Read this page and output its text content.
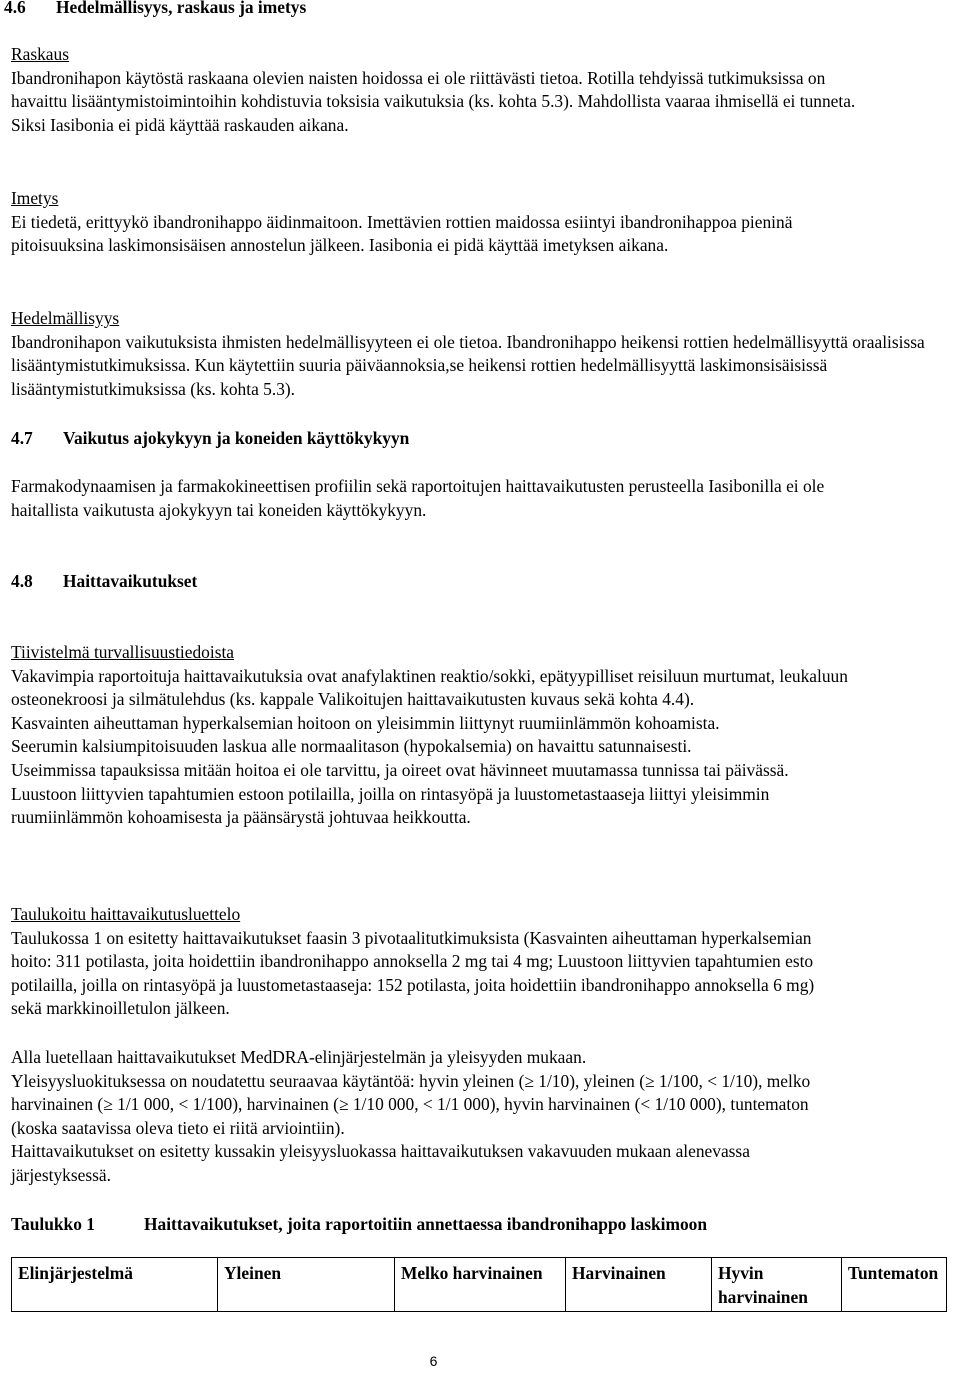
4.6	Hedelmällisyys, raskaus ja imetys

Raskaus

Ibandronihapon käytöstä raskaana olevien naisten hoidossa ei ole riittävästi tietoa. Rotilla tehdyissä tutkimuksissa on havaittu lisääntymistoimintoihin kohdistuvia toksisia vaikutuksia (ks. kohta 5.3). Mahdollista vaaraa ihmisellä ei tunneta. Siksi Iasibonia ei pidä käyttää raskauden aikana.

Imetys

Ei tiedetä, erittyykö ibandronihappo äidinmaitoon. Imettävien rottien maidossa esiintyi ibandronihappoa pieninä pitoisuuksina laskimonsisäisen annostelun jälkeen. Iasibonia ei pidä käyttää imetyksen aikana.

Hedelmällisyys

Ibandronihapon vaikutuksista ihmisten hedelmällisyyteen ei ole tietoa. Ibandronihappo heikensi rottien hedelmällisyyttä oraalisissa lisääntymistutkimuksissa. Kun käytettiin suuria päiväannoksia,se heikensi rottien hedelmällisyyttä laskimonsisäisissä lisääntymistutkimuksissa (ks. kohta 5.3).

4.7	Vaikutus ajokykyyn ja koneiden käyttökykyyn

Farmakodynaamisen ja farmakokineettisen profiilin sekä raportoitujen haittavaikutusten perusteella Iasibonilla ei ole haitallista vaikutusta ajokykyyn tai koneiden käyttökykyyn.

4.8	Haittavaikutukset

Tiivistelmä turvallisuustiedoista

Vakavimpia raportoituja haittavaikutuksia ovat anafylaktinen reaktio/sokki, epätyypilliset reisiluun murtumat, leukaluun osteonekroosi ja silmätulehdus (ks. kappale Valikoitujen haittavaikutusten kuvaus sekä kohta 4.4).

Kasvainten aiheuttaman hyperkalsemian hoitoon on yleisimmin liittynyt ruumiinlämmön kohoamista.

Seerumin kalsiumpitoisuuden laskua alle normaalitason (hypokalsemia) on havaittu satunnaisesti.

Useimmissa tapauksissa mitään hoitoa ei ole tarvittu, ja oireet ovat hävinneet muutamassa tunnissa tai päivässä.

Luustoon liittyvien tapahtumien estoon potilailla, joilla on rintasyöpä ja luustometastaaseja liittyi yleisimmin ruumiinlämmön kohoamisesta ja päänsärystä johtuvaa heikkoutta.

Taulukoitu haittavaikutusluettelo

Taulukossa 1 on esitetty haittavaikutukset faasin 3 pivotaalitutkimuksista (Kasvainten aiheuttaman hyperkalsemian hoito: 311 potilasta, joita hoidettiin ibandronihappo annoksella 2 mg tai 4 mg; Luustoon liittyvien tapahtumien esto potilailla, joilla on rintasyöpä ja luustometastaaseja: 152 potilasta, joita hoidettiin ibandronihappo annoksella 6 mg) sekä markkinoilletulon jälkeen.

Alla luetellaan haittavaikutukset MedDRA-elinjärjestelmän ja yleisyyden mukaan.

Yleisyysluokituksessa on noudatettu seuraavaa käytäntöä: hyvin yleinen (≥ 1/10), yleinen (≥ 1/100, < 1/10), melko harvinainen (≥ 1/1 000, < 1/100), harvinainen (≥ 1/10 000, < 1/1 000), hyvin harvinainen (< 1/10 000), tuntematon (koska saatavissa oleva tieto ei riitä arviointiin).

Haittavaikutukset on esitetty kussakin yleisyysluokassa haittavaikutuksen vakavuuden mukaan alenevassa järjestyksessä.

Taulukko 1	Haittavaikutukset, joita raportoitiin annettaessa ibandronihappo laskimoon
Elinjärjestelmä	Yleinen	Melko harvinainen	Harvinainen	Hyvin harvinainen	Tuntematon
6
